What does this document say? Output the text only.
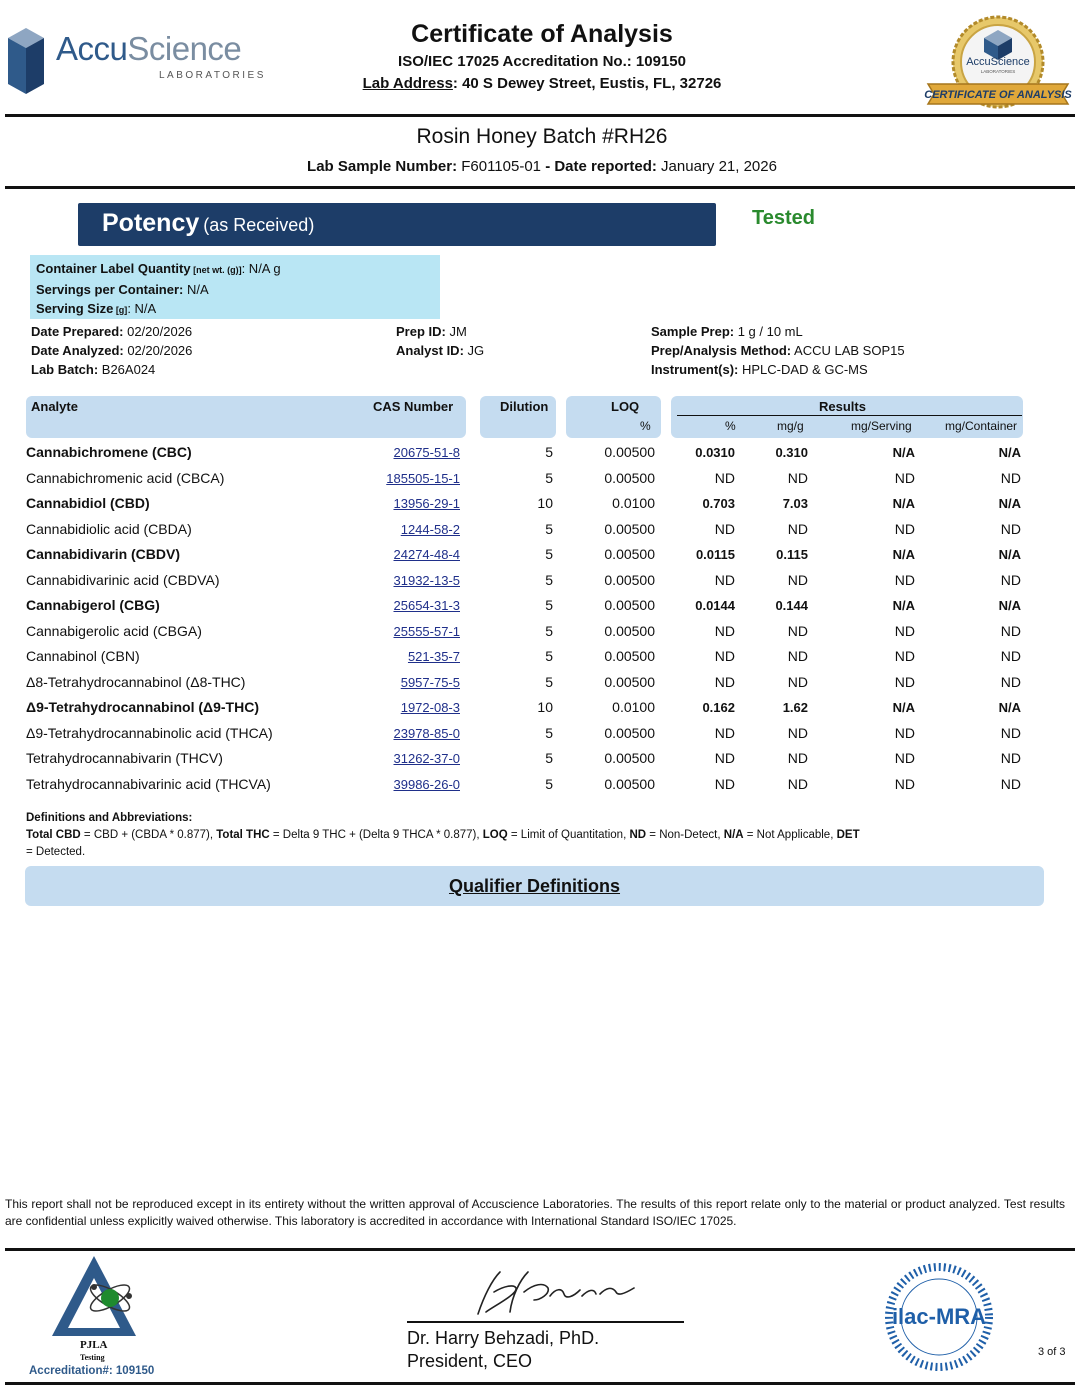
AccuScience
LABORATORIES
Certificate of Analysis
ISO/IEC 17025 Accreditation No.: 109150
Lab Address: 40 S Dewey Street, Eustis, FL, 32726
AccuScience
LABORATORIES
CERTIFICATE OF ANALYSIS
Rosin Honey Batch #RH26
Lab Sample Number: F601105-01 - Date reported: January 21, 2026
Potency (as Received)	Tested
Container Label Quantity [net wt. (g)]: N/A g
Servings per Container: N/A
Serving Size [g]: N/A
Date Prepared: 02/20/2026
Date Analyzed: 02/20/2026
Lab Batch: B26A024
Prep ID: JM
Analyst ID: JG
Sample Prep: 1 g / 10 mL
Prep/Analysis Method: ACCU LAB SOP15
Instrument(s): HPLC-DAD & GC-MS
Analyte	CAS Number	Dilution	LOQ
%
Results
%	mg/g	mg/Serving	mg/Container
Cannabichromene (CBC)	20675-51-8	5	0.00500	0.0310	0.310	N/A	N/A
Cannabichromenic acid (CBCA)	185505-15-1	5	0.00500	ND	ND	ND	ND
Cannabidiol (CBD)	13956-29-1	10	0.0100	0.703	7.03	N/A	N/A
Cannabidiolic acid (CBDA)	1244-58-2	5	0.00500	ND	ND	ND	ND
Cannabidivarin (CBDV)	24274-48-4	5	0.00500	0.0115	0.115	N/A	N/A
Cannabidivarinic acid (CBDVA)	31932-13-5	5	0.00500	ND	ND	ND	ND
Cannabigerol (CBG)	25654-31-3	5	0.00500	0.0144	0.144	N/A	N/A
Cannabigerolic acid (CBGA)	25555-57-1	5	0.00500	ND	ND	ND	ND
Cannabinol (CBN)	521-35-7	5	0.00500	ND	ND	ND	ND
Δ8-Tetrahydrocannabinol (Δ8-THC)	5957-75-5	5	0.00500	ND	ND	ND	ND
Δ9-Tetrahydrocannabinol (Δ9-THC)	1972-08-3	10	0.0100	0.162	1.62	N/A	N/A
Δ9-Tetrahydrocannabinolic acid (THCA)	23978-85-0	5	0.00500	ND	ND	ND	ND
Tetrahydrocannabivarin (THCV)	31262-37-0	5	0.00500	ND	ND	ND	ND
Tetrahydrocannabivarinic acid (THCVA)	39986-26-0	5	0.00500	ND	ND	ND	ND
Definitions and Abbreviations:
Total CBD = CBD + (CBDA * 0.877), Total THC = Delta 9 THC + (Delta 9 THCA * 0.877), LOQ = Limit of Quantitation, ND = Non-Detect, N/A = Not Applicable, DET = Detected.
Qualifier Definitions
This report shall not be reproduced except in its entirety without the written approval of Accuscience Laboratories. The results of this report relate only to the material or product analyzed. Test results are confidential unless explicitly waived otherwise. This laboratory is accredited in accordance with International Standard ISO/IEC 17025.
PJLA
Testing
Accreditation#: 109150
Dr. Harry Behzadi, PhD.
President, CEO
ilac-MRA
3 of 3
